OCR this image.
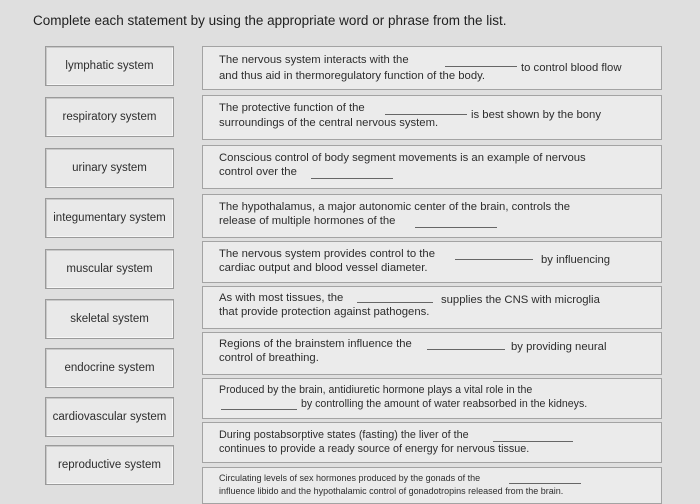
Complete each statement by using the appropriate word or phrase from the list.
lymphatic system
respiratory system
urinary system
integumentary system
muscular system
skeletal system
endocrine system
cardiovascular system
reproductive system
The nervous system interacts with the
to control blood flow
and thus aid in thermoregulatory function of the body.
The protective function of the
is best shown by the bony
surroundings of the central nervous system.
Conscious control of body segment movements is an example of nervous
control over the
The hypothalamus, a major autonomic center of the brain, controls the
release of multiple hormones of the
The nervous system provides control to the	by influencing
cardiac output and blood vessel diameter.
As with most tissues, the	supplies the CNS with microglia
that provide protection against pathogens.
Regions of the brainstem influence the	by providing neural
control of breathing.
Produced by the brain, antidiuretic hormone plays a vital role in the
by controlling the amount of water reabsorbed in the kidneys.
During postabsorptive states (fasting) the liver of the
continues to provide a ready source of energy for nervous tissue.
Circulating levels of sex hormones produced by the gonads of the
influence libido and the hypothalamic control of gonadotropins released from the brain.
